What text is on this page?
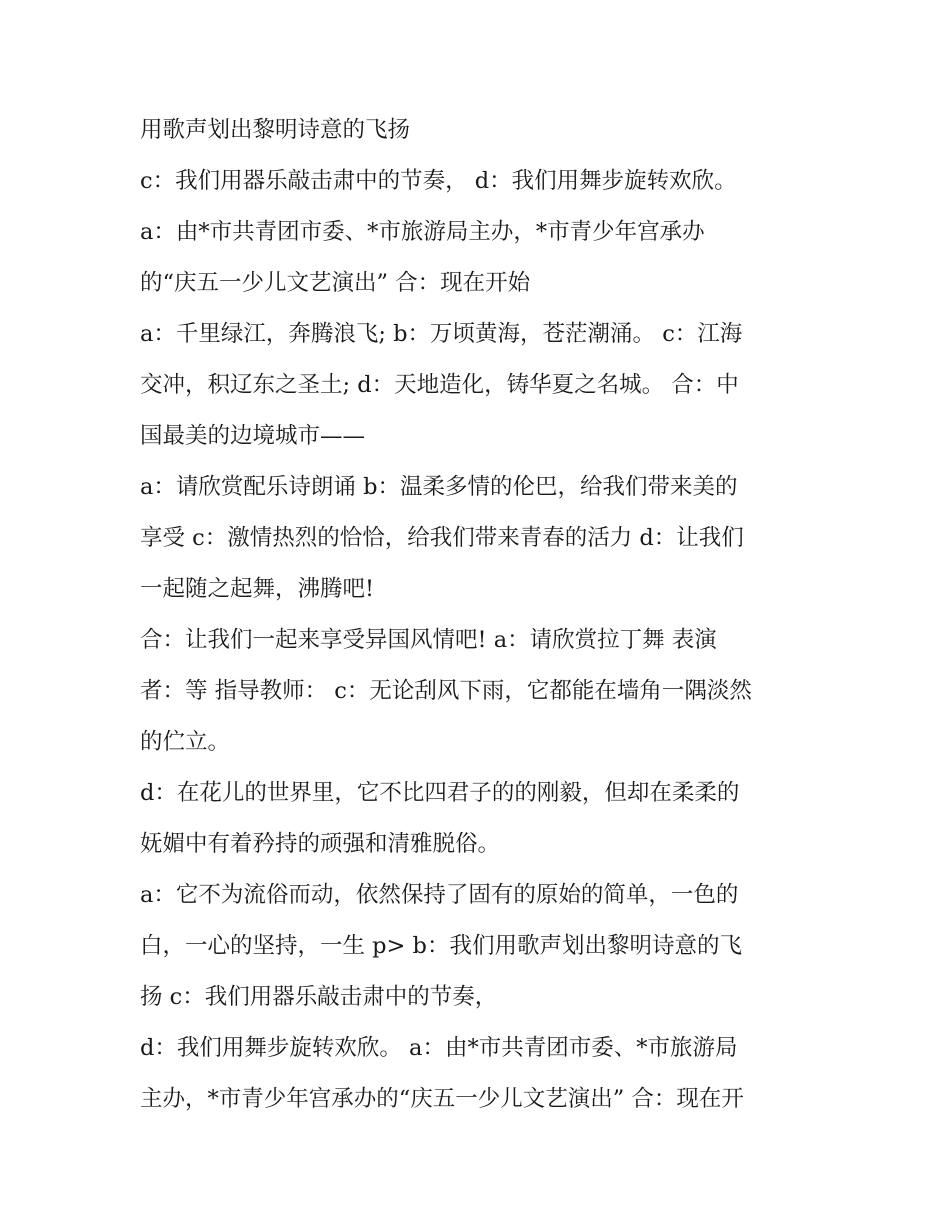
用歌声划出黎明诗意的飞扬
c：我们用器乐敲击肃中的节奏， d：我们用舞步旋转欢欣。
a：由*市共青团市委、*市旅游局主办，*市青少年宫承办
的“庆五一少儿文艺演出” 合：现在开始
a：千里绿江，奔腾浪飞; b：万顷黄海，苍茫潮涌。 c：江海
交冲，积辽东之圣土; d：天地造化，铸华夏之名城。 合：中
国最美的边境城市——
a：请欣赏配乐诗朗诵 b：温柔多情的伦巴，给我们带来美的
享受 c：激情热烈的恰恰，给我们带来青春的活力 d：让我们
一起随之起舞，沸腾吧!
合：让我们一起来享受异国风情吧! a：请欣赏拉丁舞 表演
者：等 指导教师： c：无论刮风下雨，它都能在墙角一隅淡然
的伫立。
d：在花儿的世界里，它不比四君子的的刚毅，但却在柔柔的
妩媚中有着矜持的顽强和清雅脱俗。
a：它不为流俗而动，依然保持了固有的原始的简单，一色的
白，一心的坚持，一生 p> b：我们用歌声划出黎明诗意的飞
扬 c：我们用器乐敲击肃中的节奏，
d：我们用舞步旋转欢欣。 a：由*市共青团市委、*市旅游局
主办，*市青少年宫承办的“庆五一少儿文艺演出” 合：现在开
